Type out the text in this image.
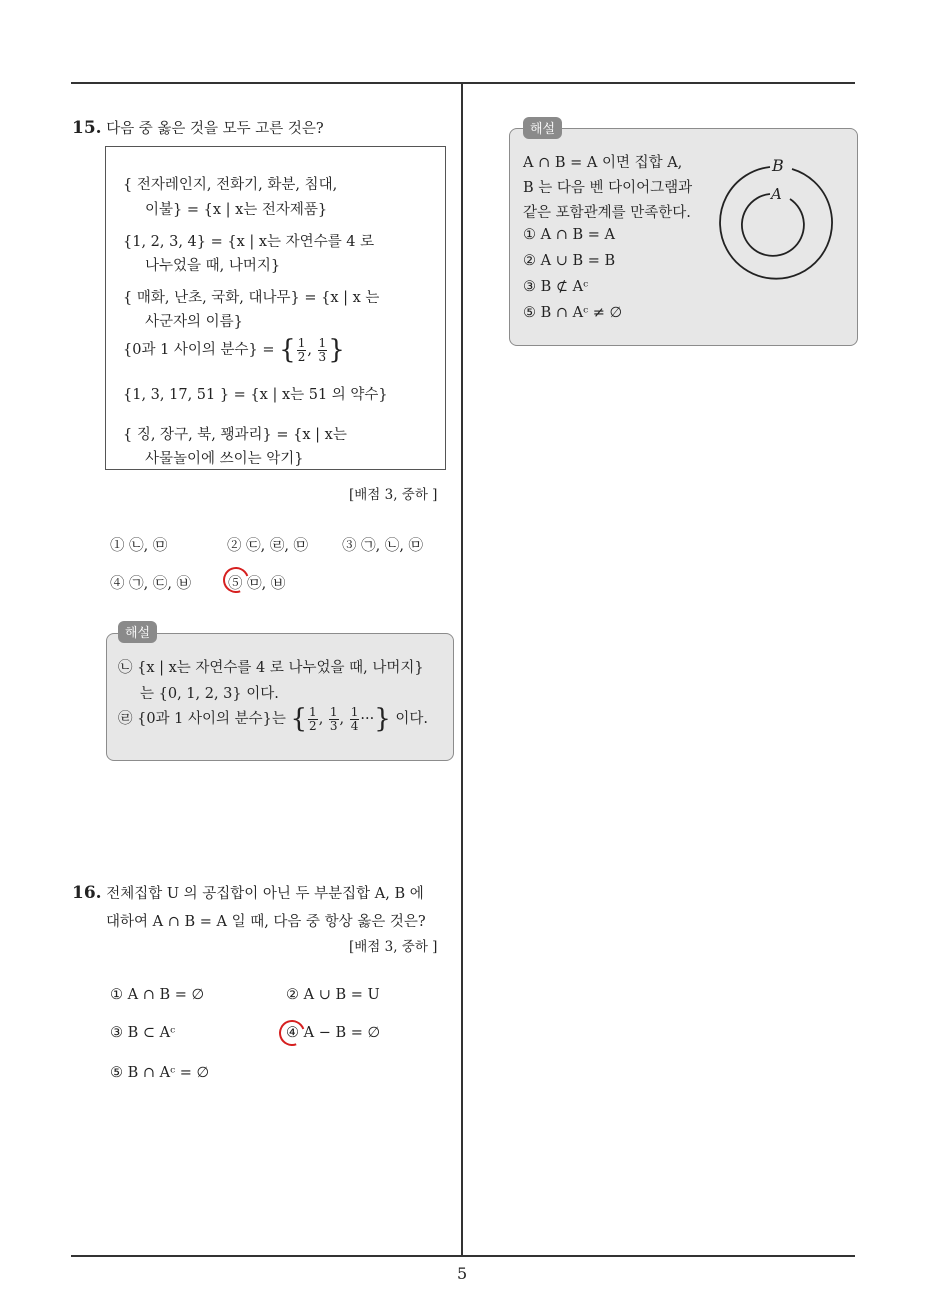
15. 다음 중 옳은 것을 모두 고른 것은?
{ 전자레인지, 전화기, 화분, 침대,
이불} = {x | x는 전자제품}
{1, 2, 3, 4} = {x | x는 자연수를 4 로
나누었을 때, 나머지}
{ 매화, 난초, 국화, 대나무} = {x | x 는
사군자의 이름}
{0과 1 사이의 분수} = { $\frac{1}{2}$ , $\frac{1}{3}$ }
{1, 3, 17, 51 } = {x | x는 51 의 약수}
{ 징, 장구, 북, 꽹과리} = {x | x는
사물놀이에 쓰이는 악기}
[배점 3, 중하 ]
① ㉡, ㉤	② ㉢, ㉣, ㉤ ③ ㉠, ㉡, ㉤
④ ㉠, ㉢, ㉥	⑤ ㉤, ㉥
㉡ {x | x는 자연수를 4 로 나누었을 때, 나머지}
는 {0, 1, 2, 3} 이다.
㉣ {0과 1 사이의 분수}는 { $\frac{1}{2}$ , $\frac{1}{3}$ , $\frac{1}{4}$ ···} 이다.
해설
16. 전체집합 U 의 공집합이 아닌 두 부분집합 A, B 에
대하여 A ∩ B = A 일 때, 다음 중 항상 옳은 것은?
[배점 3, 중하 ]
① A ∩ B = ∅	② A ∪ B = U
③ B ⊂ Aᶜ	④ A − B = ∅
⑤ B ∩ Aᶜ = ∅
A ∩ B = A 이면 집합 A,
B 는 다음 벤 다이어그램과
같은 포함관계를 만족한다.
① A ∩ B = A
② A ∪ B = B
③ B ⊄ Aᶜ
⑤ B ∩ Aᶜ ≠ ∅
B
A
해설
5
